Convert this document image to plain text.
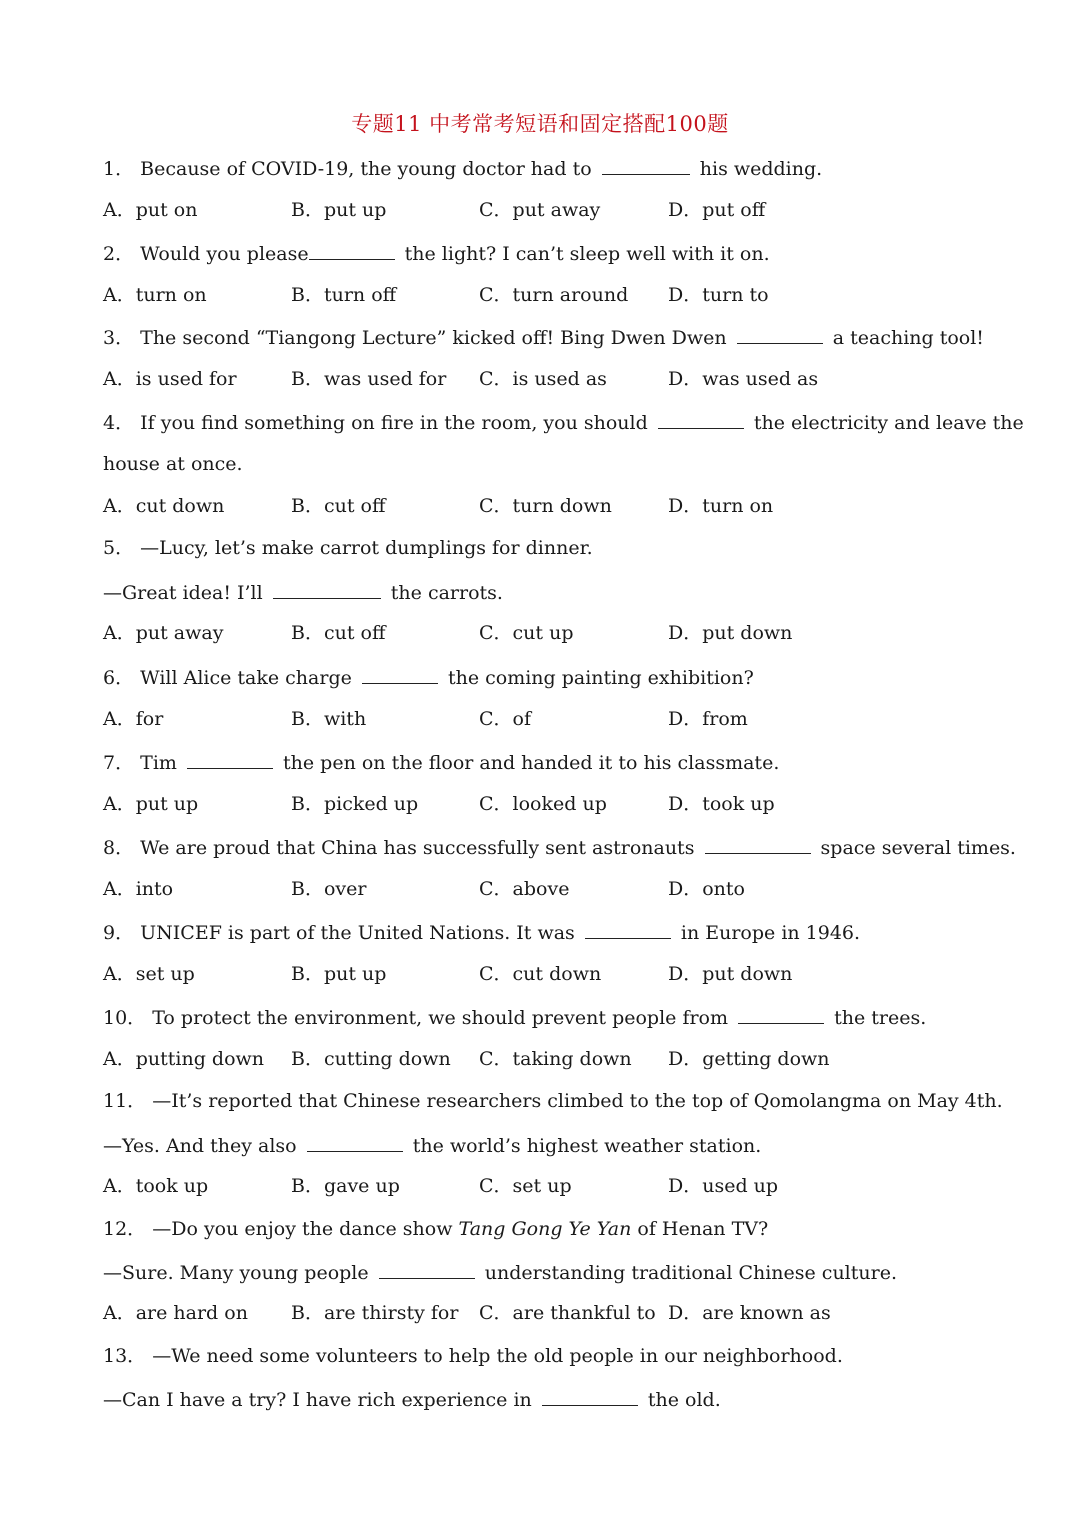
专题11 中考常考短语和固定搭配100题
1． Because of COVID-19, the young doctor had to	his wedding.
A．put on	B．put up	C．put away	D．put off
2． Would you please	the light? I can’t sleep well with it on.
A．turn on	B．turn off	C．turn around D．turn to
3． The second “Tiangong Lecture” kicked off! Bing Dwen Dwen	a teaching tool!
A．is used for	B．was used for C．is used as	D．was used as
4． If you find something on fire in the room, you should	the electricity and leave the
house at once.
A．cut down	B．cut off	C．turn down	D．turn on
5． —Lucy, let’s make carrot dumplings for dinner.
—Great idea! I’ll	the carrots.
A．put away	B．cut off	C．cut up	D．put down
6． Will Alice take charge	the coming painting exhibition?
A．for	B．with	C．of	D．from
7． Tim	the pen on the floor and handed it to his classmate.
A．put up	B．picked up	C．looked up	D．took up
8． We are proud that China has successfully sent astronauts	space several times.
A．into	B．over	C．above	D．onto
9． UNICEF is part of the United Nations. It was	in Europe in 1946.
A．set up	B．put up	C．cut down	D．put down
10． To protect the environment, we should prevent people from	the trees.
A．putting down B．cutting down C．taking down D．getting down
11． —It’s reported that Chinese researchers climbed to the top of Qomolangma on May 4th.
—Yes. And they also	the world’s highest weather station.
A．took up	B．gave up	C．set up	D．used up
12． —Do you enjoy the dance show Tang Gong Ye Yan of Henan TV?
—Sure. Many young people	understanding traditional Chinese culture.
A．are hard on B．are thirsty for C．are thankful to D．are known as
13． —We need some volunteers to help the old people in our neighborhood.
—Can I have a try? I have rich experience in	the old.
